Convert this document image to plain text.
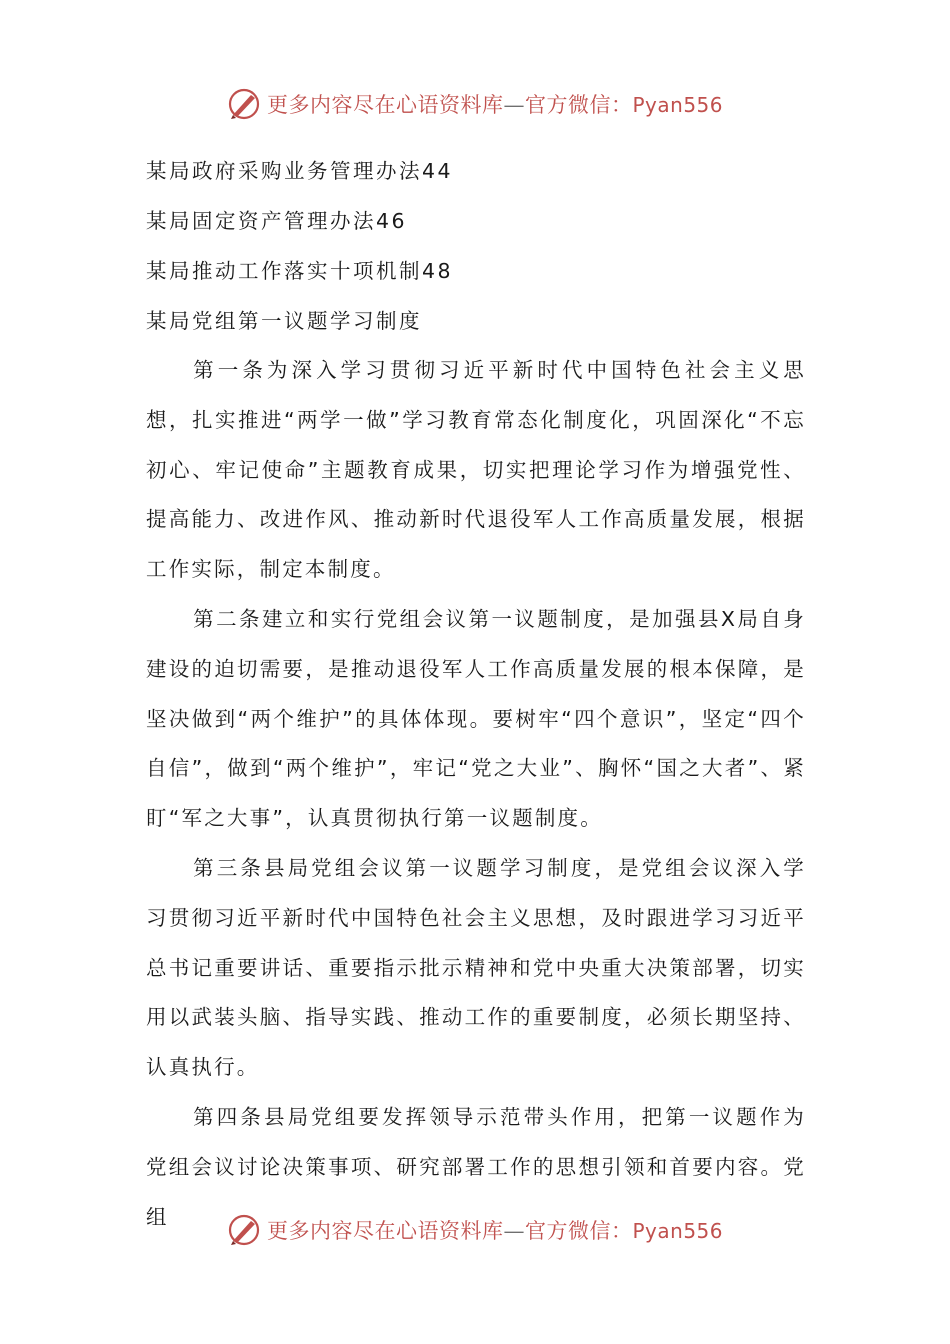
更多内容尽在心语资料库—官方微信：Pyan556
某局政府采购业务管理办法44
某局固定资产管理办法46
某局推动工作落实十项机制48
某局党组第一议题学习制度

第一条为深入学习贯彻习近平新时代中国特色社会主义思想，扎实推进“两学一做”学习教育常态化制度化，巩固深化“不忘初心、牢记使命”主题教育成果，切实把理论学习作为增强党性、提高能力、改进作风、推动新时代退役军人工作高质量发展，根据工作实际，制定本制度。

第二条建立和实行党组会议第一议题制度，是加强县X局自身建设的迫切需要，是推动退役军人工作高质量发展的根本保障，是坚决做到“两个维护”的具体体现。要树牢“四个意识”，坚定“四个自信”，做到“两个维护”，牢记“党之大业”、胸怀“国之大者”、紧盯“军之大事”，认真贯彻执行第一议题制度。

第三条县局党组会议第一议题学习制度，是党组会议深入学习贯彻习近平新时代中国特色社会主义思想，及时跟进学习习近平总书记重要讲话、重要指示批示精神和党中央重大决策部署，切实用以武装头脑、指导实践、推动工作的重要制度，必须长期坚持、认真执行。

第四条县局党组要发挥领导示范带头作用，把第一议题作为党组会议讨论决策事项、研究部署工作的思想引领和首要内容。党组

更多内容尽在心语资料库—官方微信：Pyan556
